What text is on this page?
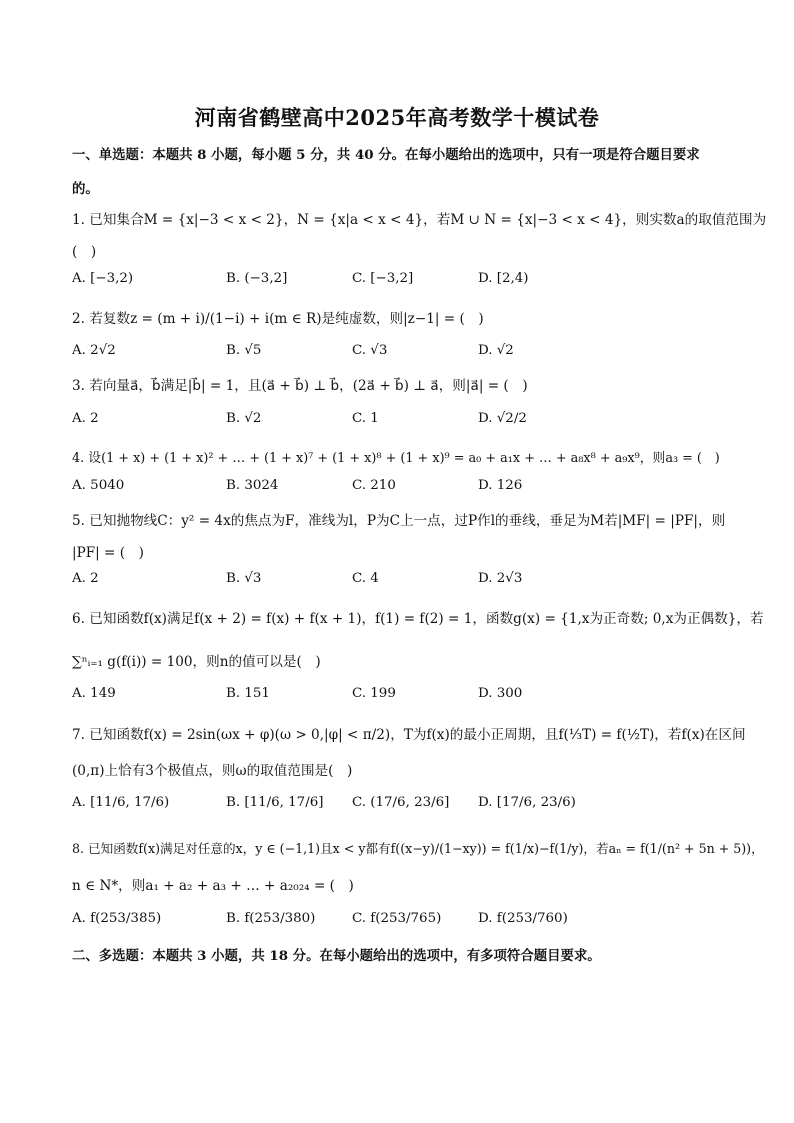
河南省鹤壁高中2025年高考数学十模试卷
一、单选题：本题共 8 小题，每小题 5 分，共 40 分。在每小题给出的选项中，只有一项是符合题目要求
的。
1. 已知集合M = {x|−3 < x < 2}，N = {x|a < x < 4}，若M ∪ N = {x|−3 < x < 4}，则实数a的取值范围为
(　)
A. [−3,2)	B. (−3,2]	C. [−3,2]	D. [2,4)
2. 若复数z = (m + i)/(1−i) + i(m ∈ R)是纯虚数，则|z−1| = (　)
A. 2√2	B. √5	C. √3	D. √2
3. 若向量a⃗，b⃗满足|b⃗| = 1，且(a⃗ + b⃗) ⊥ b⃗，(2a⃗ + b⃗) ⊥ a⃗，则|a⃗| = (　)
A. 2	B. √2	C. 1	D. √2/2
4. 设(1 + x) + (1 + x)² + … + (1 + x)⁷ + (1 + x)⁸ + (1 + x)⁹ = a₀ + a₁x + … + a₈x⁸ + a₉x⁹，则a₃ = (　)
A. 5040	B. 3024	C. 210	D. 126
5. 已知抛物线C：y² = 4x的焦点为F，准线为l，P为C上一点，过P作l的垂线，垂足为M若|MF| = |PF|，则
|PF| = (　)
A. 2	B. √3	C. 4	D. 2√3
6. 已知函数f(x)满足f(x + 2) = f(x) + f(x + 1)，f(1) = f(2) = 1，函数g(x) = {1,x为正奇数; 0,x为正偶数}，若
∑ⁿᵢ₌₁ g(f(i)) = 100，则n的值可以是(　)
A. 149	B. 151	C. 199	D. 300
7. 已知函数f(x) = 2sin(ωx + φ)(ω > 0,|φ| < π/2)，T为f(x)的最小正周期，且f(⅓T) = f(½T)，若f(x)在区间
(0,π)上恰有3个极值点，则ω的取值范围是(　)
A. [11/6, 17/6)	B. [11/6, 17/6] C. (17/6, 23/6] D. [17/6, 23/6)
8. 已知函数f(x)满足对任意的x，y ∈ (−1,1)且x < y都有f((x−y)/(1−xy)) = f(1/x)−f(1/y)，若aₙ = f(1/(n² + 5n + 5))，
n ∈ N*，则a₁ + a₂ + a₃ + … + a₂₀₂₄ = (　)
A. f(253/385)	B. f(253/380)	C. f(253/765)	D. f(253/760)
二、多选题：本题共 3 小题，共 18 分。在每小题给出的选项中，有多项符合题目要求。
